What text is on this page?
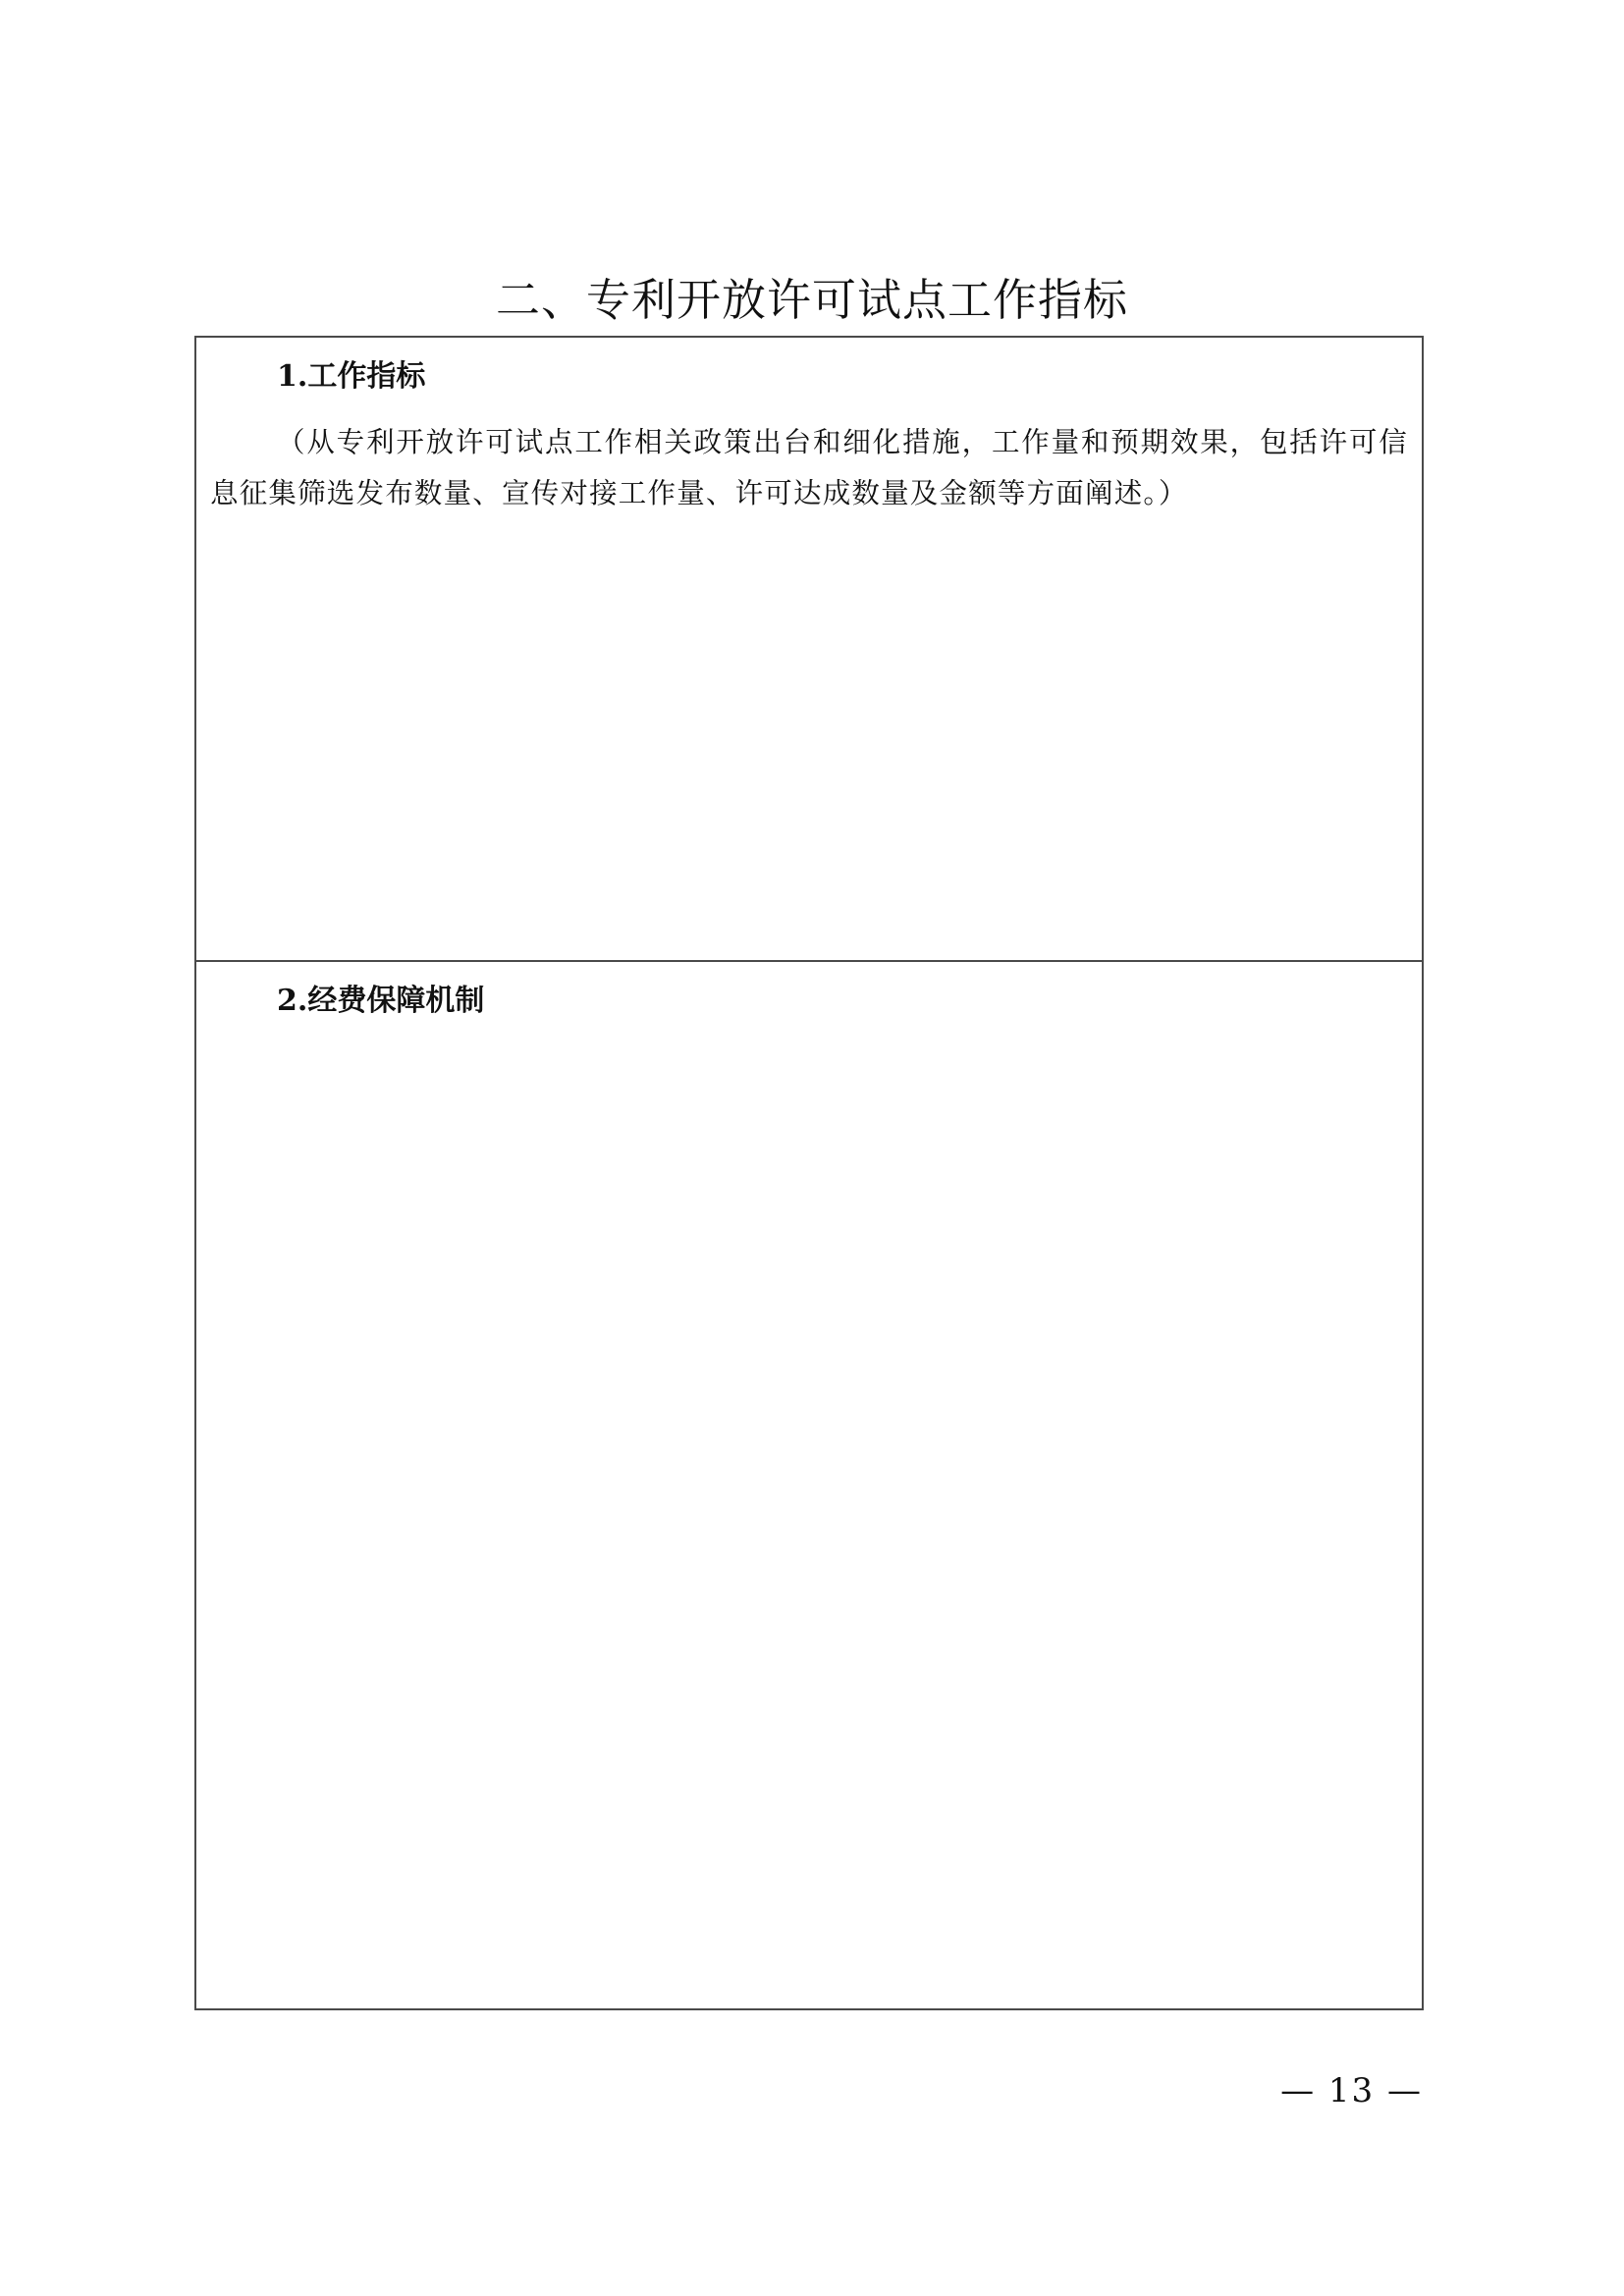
二、专利开放许可试点工作指标
1.工作指标

（从专利开放许可试点工作相关政策出台和细化措施，工作量和预期效果，包括许可信息征集筛选发布数量、宣传对接工作量、许可达成数量及金额等方面阐述。）

2.经费保障机制
— 13 —
